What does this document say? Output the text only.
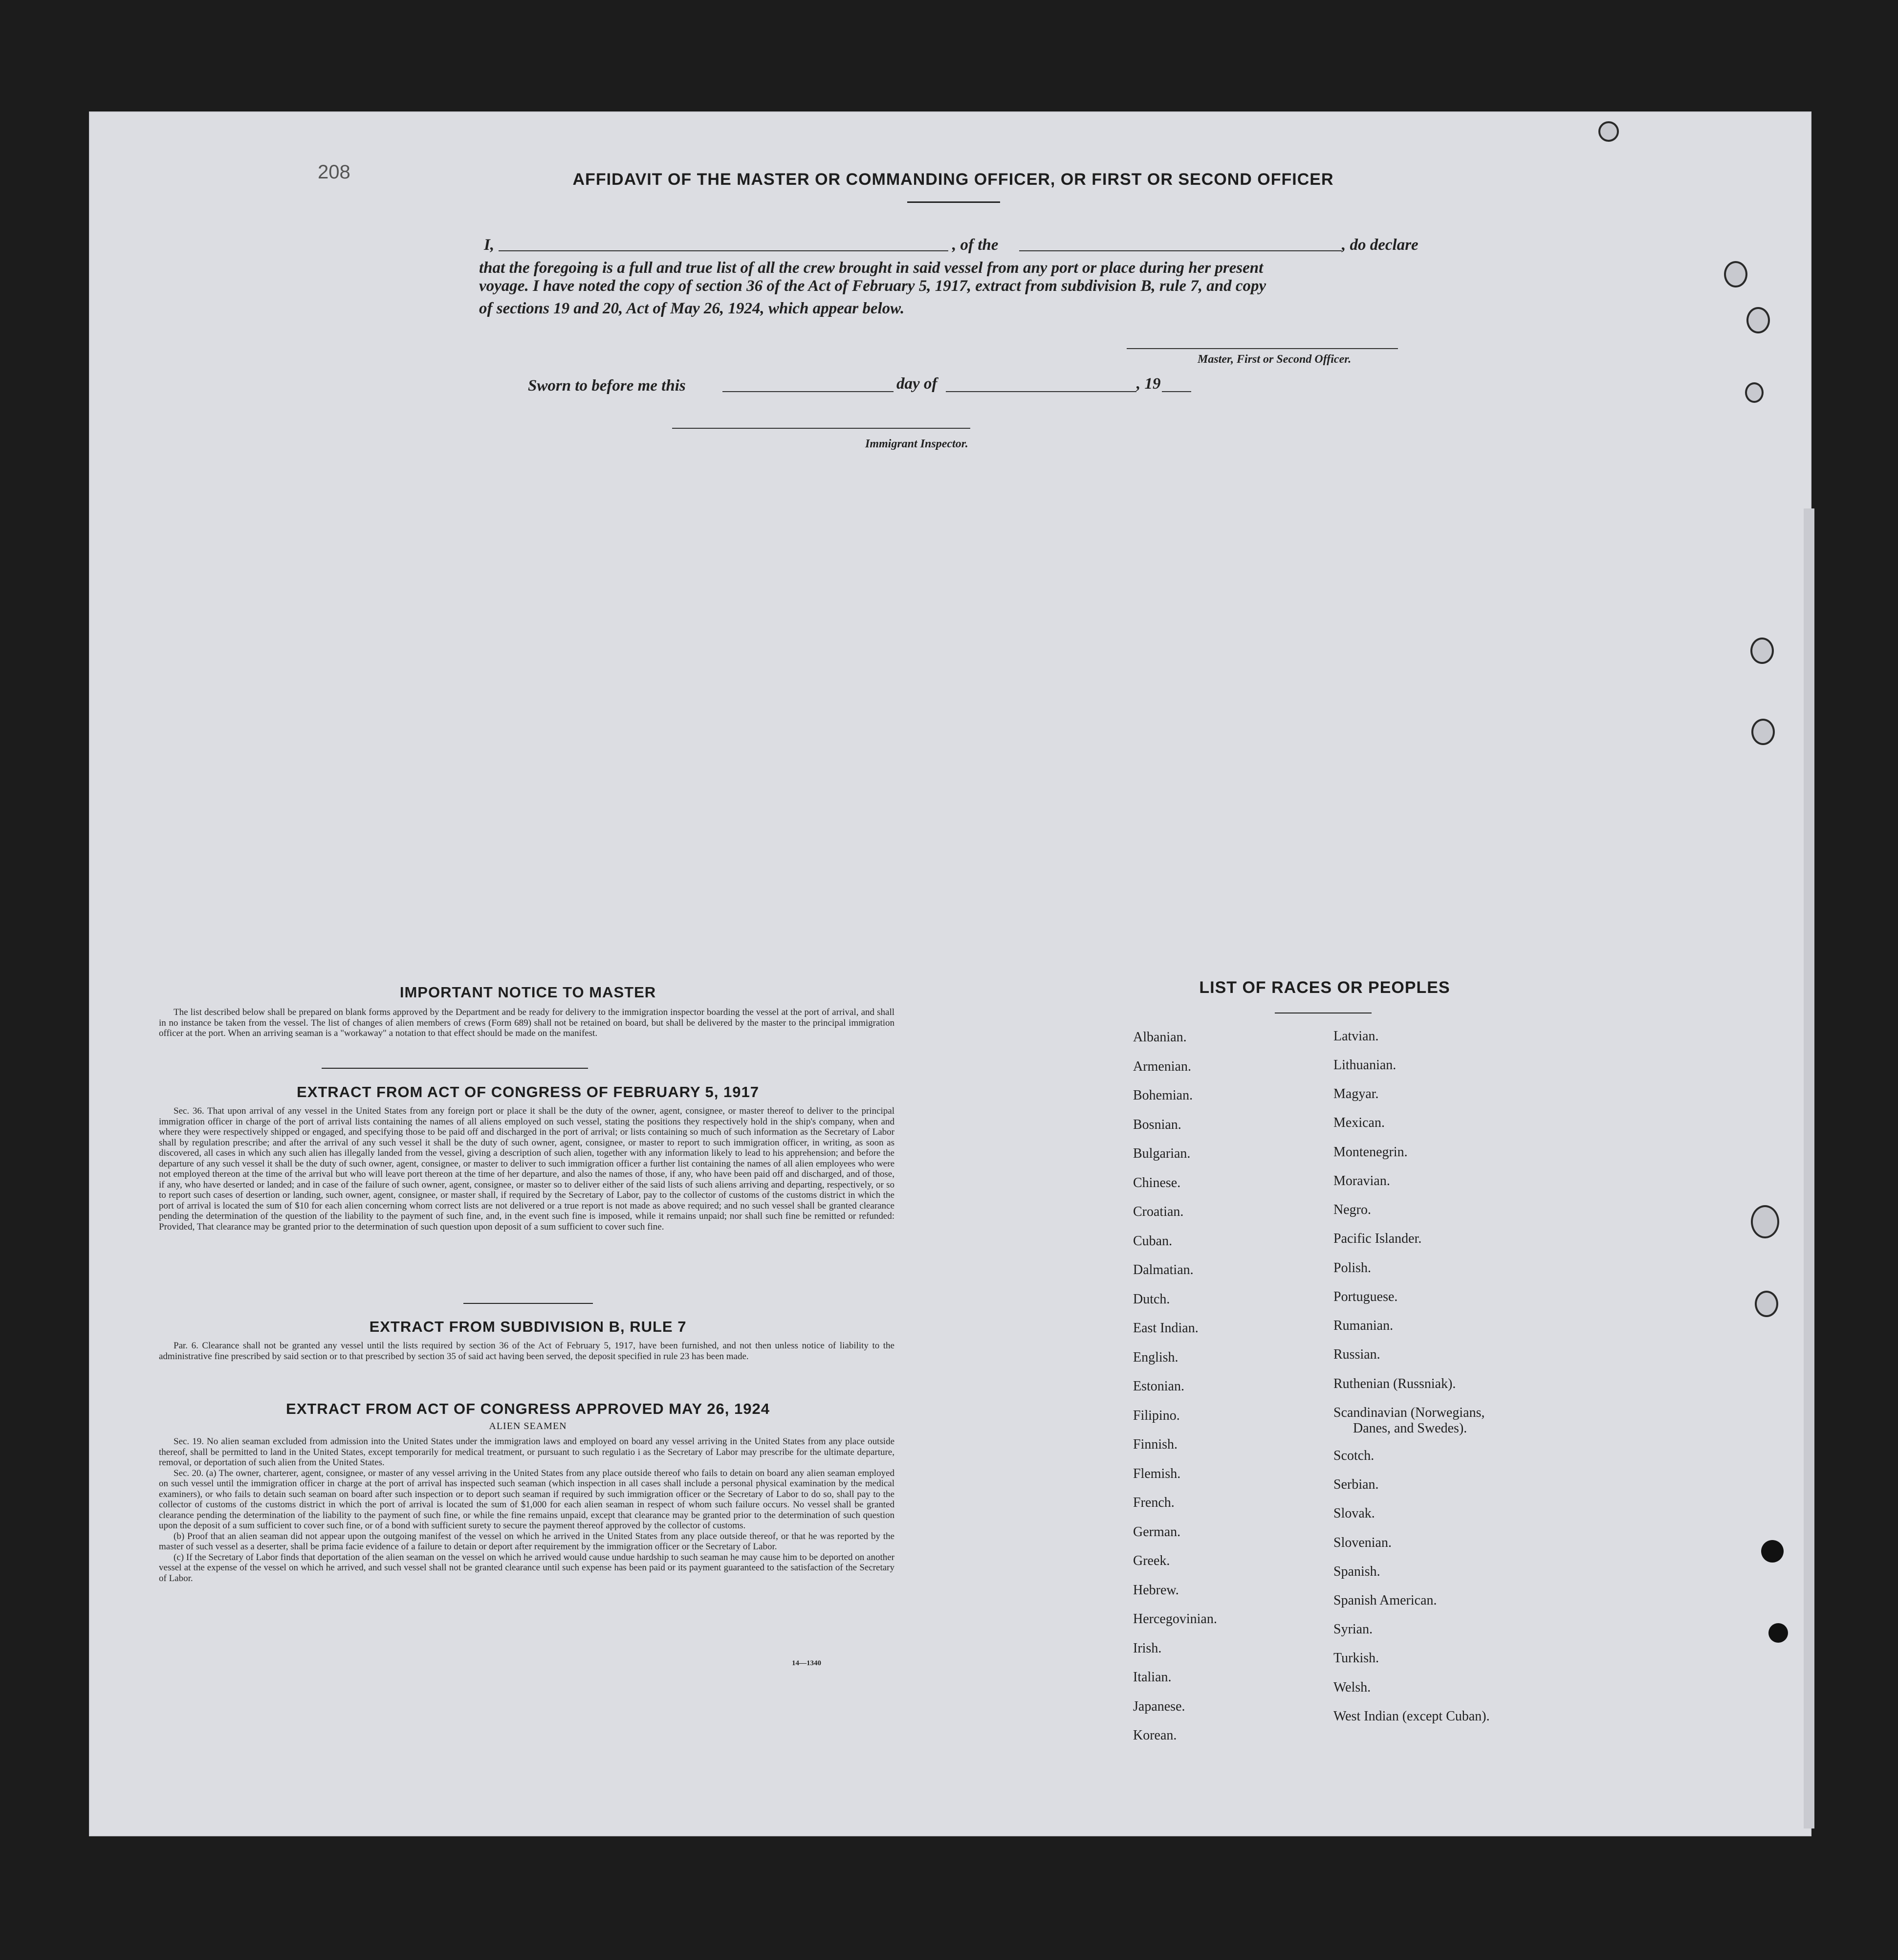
208	AFFIDAVIT OF THE MASTER OR COMMANDING OFFICER, OR FIRST OR SECOND OFFICER
I,	, of the	, do declare
that the foregoing is a full and true list of all the crew brought in said vessel from any port or place during her present
voyage. I have noted the copy of section 36 of the Act of February 5, 1917, extract from subdivision B, rule 7, and copy
of sections 19 and 20, Act of May 26, 1924, which appear below.
Master, First or Second Officer.
Sworn to before me this	day of	, 19
Immigrant Inspector.
IMPORTANT NOTICE TO MASTER
The list described below shall be prepared on blank forms approved by the Department and be ready for delivery to the immigration inspector boarding the vessel at the port of arrival, and shall in no instance be taken from the vessel. The list of changes of alien members of crews (Form 689) shall not be retained on board, but shall be delivered by the master to the principal immigration officer at the port. When an arriving seaman is a "workaway" a notation to that effect should be made on the manifest.
EXTRACT FROM ACT OF CONGRESS OF FEBRUARY 5, 1917
Sec. 36. That upon arrival of any vessel in the United States from any foreign port or place it shall be the duty of the owner, agent, consignee, or master thereof to deliver to the principal immigration officer in charge of the port of arrival lists containing the names of all aliens employed on such vessel, stating the positions they respectively hold in the ship's company, when and where they were respectively shipped or engaged, and specifying those to be paid off and discharged in the port of arrival; or lists containing so much of such information as the Secretary of Labor shall by regulation prescribe; and after the arrival of any such vessel it shall be the duty of such owner, agent, consignee, or master to report to such immigration officer, in writing, as soon as discovered, all cases in which any such alien has illegally landed from the vessel, giving a description of such alien, together with any information likely to lead to his apprehension; and before the departure of any such vessel it shall be the duty of such owner, agent, consignee, or master to deliver to such immigration officer a further list containing the names of all alien employees who were not employed thereon at the time of the arrival but who will leave port thereon at the time of her departure, and also the names of those, if any, who have been paid off and discharged, and of those, if any, who have deserted or landed; and in case of the failure of such owner, agent, consignee, or master so to deliver either of the said lists of such aliens arriving and departing, respectively, or so to report such cases of desertion or landing, such owner, agent, consignee, or master shall, if required by the Secretary of Labor, pay to the collector of customs of the customs district in which the port of arrival is located the sum of $10 for each alien concerning whom correct lists are not delivered or a true report is not made as above required; and no such vessel shall be granted clearance pending the determination of the question of the liability to the payment of such fine, and, in the event such fine is imposed, while it remains unpaid; nor shall such fine be remitted or refunded: Provided, That clearance may be granted prior to the determination of such question upon deposit of a sum sufficient to cover such fine.
EXTRACT FROM SUBDIVISION B, RULE 7
Par. 6. Clearance shall not be granted any vessel until the lists required by section 36 of the Act of February 5, 1917, have been furnished, and not then unless notice of liability to the administrative fine prescribed by said section or to that prescribed by section 35 of said act having been served, the deposit specified in rule 23 has been made.
EXTRACT FROM ACT OF CONGRESS APPROVED MAY 26, 1924
ALIEN SEAMEN

Sec. 19. No alien seaman excluded from admission into the United States under the immigration laws and employed on board any vessel arriving in the United States from any place outside thereof, shall be permitted to land in the United States, except temporarily for medical treatment, or pursuant to such regulatio i as the Secretary of Labor may prescribe for the ultimate departure, removal, or deportation of such alien from the United States.

Sec. 20. (a) The owner, charterer, agent, consignee, or master of any vessel arriving in the United States from any place outside thereof who fails to detain on board any alien seaman employed on such vessel until the immigration officer in charge at the port of arrival has inspected such seaman (which inspection in all cases shall include a personal physical examination by the medical examiners), or who fails to detain such seaman on board after such inspection or to deport such seaman if required by such immigration officer or the Secretary of Labor to do so, shall pay to the collector of customs of the customs district in which the port of arrival is located the sum of $1,000 for each alien seaman in respect of whom such failure occurs. No vessel shall be granted clearance pending the determination of the liability to the payment of such fine, or while the fine remains unpaid, except that clearance may be granted prior to the determination of such question upon the deposit of a sum sufficient to cover such fine, or of a bond with sufficient surety to secure the payment thereof approved by the collector of customs.

(b) Proof that an alien seaman did not appear upon the outgoing manifest of the vessel on which he arrived in the United States from any place outside thereof, or that he was reported by the master of such vessel as a deserter, shall be prima facie evidence of a failure to detain or deport after requirement by the immigration officer or the Secretary of Labor.

(c) If the Secretary of Labor finds that deportation of the alien seaman on the vessel on which he arrived would cause undue hardship to such seaman he may cause him to be deported on another vessel at the expense of the vessel on which he arrived, and such vessel shall not be granted clearance until such expense has been paid or its payment guaranteed to the satisfaction of the Secretary of Labor.

14—1340
LIST OF RACES OR PEOPLES
Albanian.
Armenian.
Bohemian.
Bosnian.
Bulgarian.
Chinese.
Croatian.
Cuban.
Dalmatian.
Dutch.
East Indian.
English.
Estonian.
Filipino.
Finnish.
Flemish.
French.
German.
Greek.
Hebrew.
Hercegovinian.
Irish.
Italian.
Japanese.
Korean.
Latvian.
Lithuanian.
Magyar.
Mexican.
Montenegrin.
Moravian.
Negro.
Pacific Islander.
Polish.
Portuguese.
Rumanian.
Russian.
Ruthenian (Russniak).
Scandinavian (Norwegians,
Danes, and Swedes).
Scotch.
Serbian.
Slovak.
Slovenian.
Spanish.
Spanish American.
Syrian.
Turkish.
Welsh.
West Indian (except Cuban).
